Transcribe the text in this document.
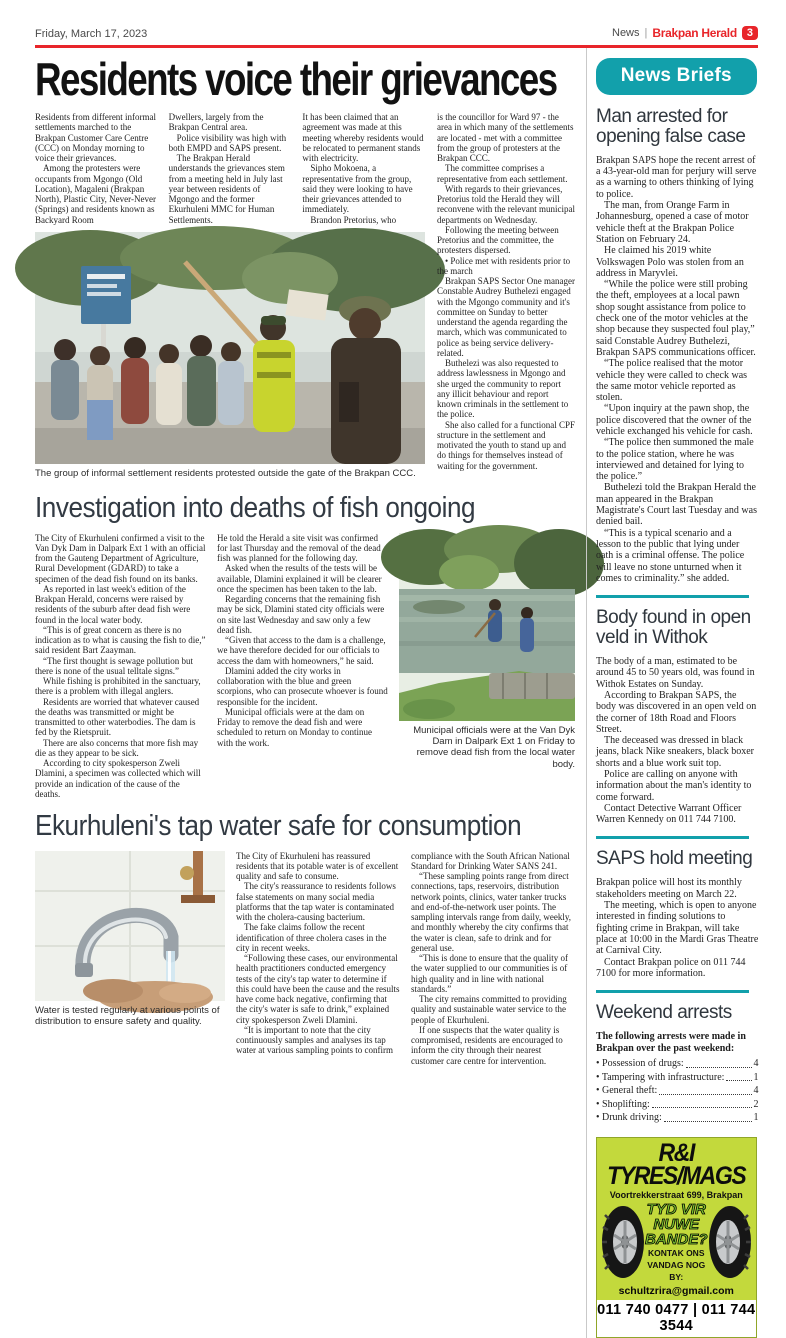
Friday, March 17, 2023	News | Brakpan Herald 3
Residents voice their grievances

Residents from different informal settlements marched to the Brakpan Customer Care Centre (CCC) on Monday morning to voice their grievances.

Among the protesters were occupants from Mgongo (Old Location), Magaleni (Brakpan North), Plastic City, Never-Never (Springs) and residents known as Backyard Room

Dwellers, largely from the Brakpan Central area.

Police visibility was high with both EMPD and SAPS present.

The Brakpan Herald understands the grievances stem from a meeting held in July last year between residents of Mgongo and the former Ekurhuleni MMC for Human Settlements.

It has been claimed that an agreement was made at this meeting whereby residents would be relocated to permanent stands with electricity.

Sipho Mokoena, a representative from the group, said they were looking to have their grievances attended to immediately.

Brandon Pretorius, who

The group of informal settlement residents protested outside the gate of the Brakpan CCC.

is the councillor for Ward 97 - the area in which many of the settlements are located - met with a committee from the group of protesters at the Brakpan CCC.

The committee comprises a representative from each settlement.

With regards to their grievances, Pretorius told the Herald they will reconvene with the relevant municipal departments on Wednesday.

Following the meeting between Pretorius and the committee, the protesters dispersed.

• Police met with residents prior to the march

Brakpan SAPS Sector One manager Constable Audrey Buthelezi engaged with the Mgongo community and it's committee on Sunday to better understand the agenda regarding the march, which was communicated to police as being service delivery-related.

Buthelezi was also requested to address lawlessness in Mgongo and she urged the community to report any illicit behaviour and report known criminals in the settlement to the police.

She also called for a functional CPF structure in the settlement and motivated the youth to stand up and do things for themselves instead of waiting for the government.

Investigation into deaths of fish ongoing

The City of Ekurhuleni confirmed a visit to the Van Dyk Dam in Dalpark Ext 1 with an official from the Gauteng Department of Agriculture, Rural Development (GDARD) to take a specimen of the dead fish found on its banks.

As reported in last week's edition of the Brakpan Herald, concerns were raised by residents of the suburb after dead fish were found in the local water body.

“This is of great concern as there is no indication as to what is causing the fish to die,” said resident Bart Zaayman.

“The first thought is sewage pollution but there is none of the usual telltale signs.”

While fishing is prohibited in the sanctuary, there is a problem with illegal anglers.

Residents are worried that whatever caused the deaths was transmitted or might be transmitted to other waterbodies. The dam is fed by the Rietspruit.

There are also concerns that more fish may die as they appear to be sick.

According to city spokesperson Zweli Dlamini, a specimen was collected which will provide an indication of the cause of the deaths.

He told the Herald a site visit was confirmed for last Thursday and the removal of the dead fish was planned for the following day.

Asked when the results of the tests will be available, Dlamini explained it will be clearer once the specimen has been taken to the lab.

Regarding concerns that the remaining fish may be sick, Dlamini stated city officials were on site last Wednesday and saw only a few dead fish.

“Given that access to the dam is a challenge, we have therefore decided for our officials to access the dam with homeowners,” he said.

Dlamini added the city works in collaboration with the blue and green scorpions, who can prosecute whoever is found responsible for the incident.

Municipal officials were at the dam on Friday to remove the dead fish and were scheduled to return on Monday to continue with the work.

Municipal officials were at the Van Dyk Dam in Dalpark Ext 1 on Friday to remove dead fish from the local water body.
Ekurhuleni's tap water safe for consumption
Water is tested regularly at various points of distribution to ensure safety and quality.

The City of Ekurhuleni has reassured residents that its potable water is of excellent quality and safe to consume.

The city's reassurance to residents follows false statements on many social media platforms that the tap water is contaminated with the cholera-causing bacterium.

The fake claims follow the recent identification of three cholera cases in the city in recent weeks.

“Following these cases, our environmental health practitioners conducted emergency tests of the city's tap water to determine if this could have been the cause and the results have come back negative, confirming that the city's water is safe to drink,” explained city spokesperson Zweli Dlamini.

“It is important to note that the city continuously samples and analyses its tap water at various sampling points to confirm

compliance with the South African National Standard for Drinking Water SANS 241.

“These sampling points range from direct connections, taps, reservoirs, distribution network points, clinics, water tanker trucks and end-of-the-network user points. The sampling intervals range from daily, weekly, and monthly whereby the city confirms that the water is clean, safe to drink and for general use.

“This is done to ensure that the quality of the water supplied to our communities is of high quality and in line with national standards.”

The city remains committed to providing quality and sustainable water service to the people of Ekurhuleni.

If one suspects that the water quality is compromised, residents are encouraged to inform the city through their nearest customer care centre for intervention.

News Briefs
Man arrested for opening false case

Brakpan SAPS hope the recent arrest of a 43-year-old man for perjury will serve as a warning to others thinking of lying to police.

The man, from Orange Farm in Johannesburg, opened a case of motor vehicle theft at the Brakpan Police Station on February 24.

He claimed his 2019 white Volkswagen Polo was stolen from an address in Maryvlei.

“While the police were still probing the theft, employees at a local pawn shop sought assistance from police to check one of the motor vehicles at the shop because they suspected foul play,” said Constable Audrey Buthelezi, Brakpan SAPS communications officer.

“The police realised that the motor vehicle they were called to check was the same motor vehicle reported as stolen.

“Upon inquiry at the pawn shop, the police discovered that the owner of the vehicle exchanged his vehicle for cash.

“The police then summoned the male to the police station, where he was interviewed and detained for lying to the police.”

Buthelezi told the Brakpan Herald the man appeared in the Brakpan Magistrate's Court last Tuesday and was denied bail.

“This is a typical scenario and a lesson to the public that lying under oath is a criminal offense. The police will leave no stone unturned when it comes to criminality.” she added.

Body found in open veld in Withok

The body of a man, estimated to be around 45 to 50 years old, was found in Withok Estates on Sunday.

According to Brakpan SAPS, the body was discovered in an open veld on the corner of 18th Road and Floors Street.

The deceased was dressed in black jeans, black Nike sneakers, black boxer shorts and a blue work suit top.

Police are calling on anyone with information about the man's identity to come forward.

Contact Detective Warrant Officer Warren Kennedy on 011 744 7100.

SAPS hold meeting

Brakpan police will host its monthly stakeholders meeting on March 22.

The meeting, which is open to anyone interested in finding solutions to fighting crime in Brakpan, will take place at 10:00 in the Mardi Gras Theatre at Carnival City.

Contact Brakpan police on 011 744 7100 for more information.

Weekend arrests
The following arrests were made in Brakpan over the past weekend:
• Possession of drugs:	4
• Tampering with infrastructure:	1
• General theft:	4
• Shoplifting:	2
• Drunk driving:	1
R&I TYRES/MAGS
Voortrekkerstraat 699, Brakpan
TYD VIR
NUWE
BANDE?
KONTAK ONS
VANDAG NOG
BY:
schultzrira@gmail.com
011 740 0477 | 011 744 3544
